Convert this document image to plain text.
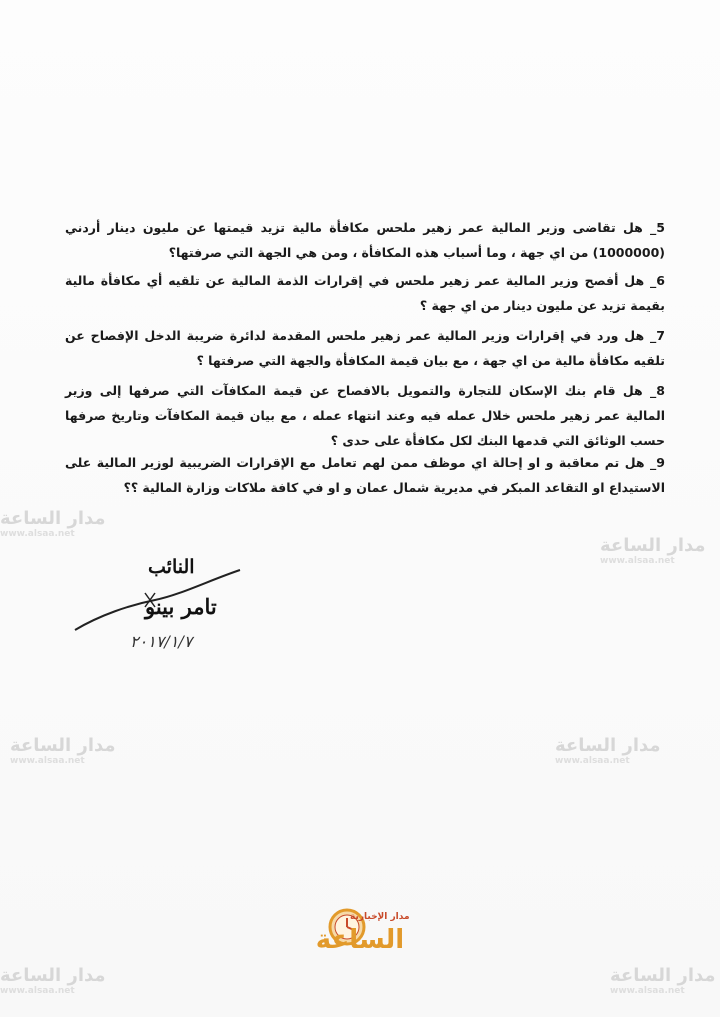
5_ هل تقاضى وزير المالية عمر زهير ملحس مكافأة مالية تزيد قيمتها عن مليون دينار أردني (1000000) من اي جهة ، وما أسباب هذه المكافأة ، ومن هي الجهة التي صرفتها؟

6_ هل أفصح وزير المالية عمر زهير ملحس في إقرارات الذمة المالية عن تلقيه أي مكافأة مالية بقيمة تزيد عن مليون دينار من اي جهة ؟

7_ هل ورد في إقرارات وزير المالية عمر زهير ملحس المقدمة لدائرة ضريبة الدخل الإفصاح عن تلقيه مكافأة مالية من اي جهة ، مع بيان قيمة المكافأة والجهة التي صرفتها ؟

8_ هل قام بنك الإسكان للتجارة والتمويل بالافصاح عن قيمة المكافآت التي صرفها إلى وزير المالية عمر زهير ملحس خلال عمله فيه وعند انتهاء عمله ، مع بيان قيمة المكافآت وتاريخ صرفها حسب الوثائق التي قدمها البنك لكل مكافأة على حدى ؟

9_ هل تم معاقبة و او إحالة اي موظف ممن لهم تعامل مع الإقرارات الضريبية لوزير المالية على الاستيداع او التقاعد المبكر في مديرية شمال عمان و او في كافة ملاكات وزارة المالية ؟؟

مدار الساعة
www.alsaa.net
مدار الساعة
www.alsaa.net
مدار الساعة
www.alsaa.net
مدار الساعة
www.alsaa.net
مدار الساعة
www.alsaa.net
مدار الساعة
www.alsaa.net
النائب
تامر بينو
٢٠١٧/١/٧
مدار الإخبارية
الساعة
